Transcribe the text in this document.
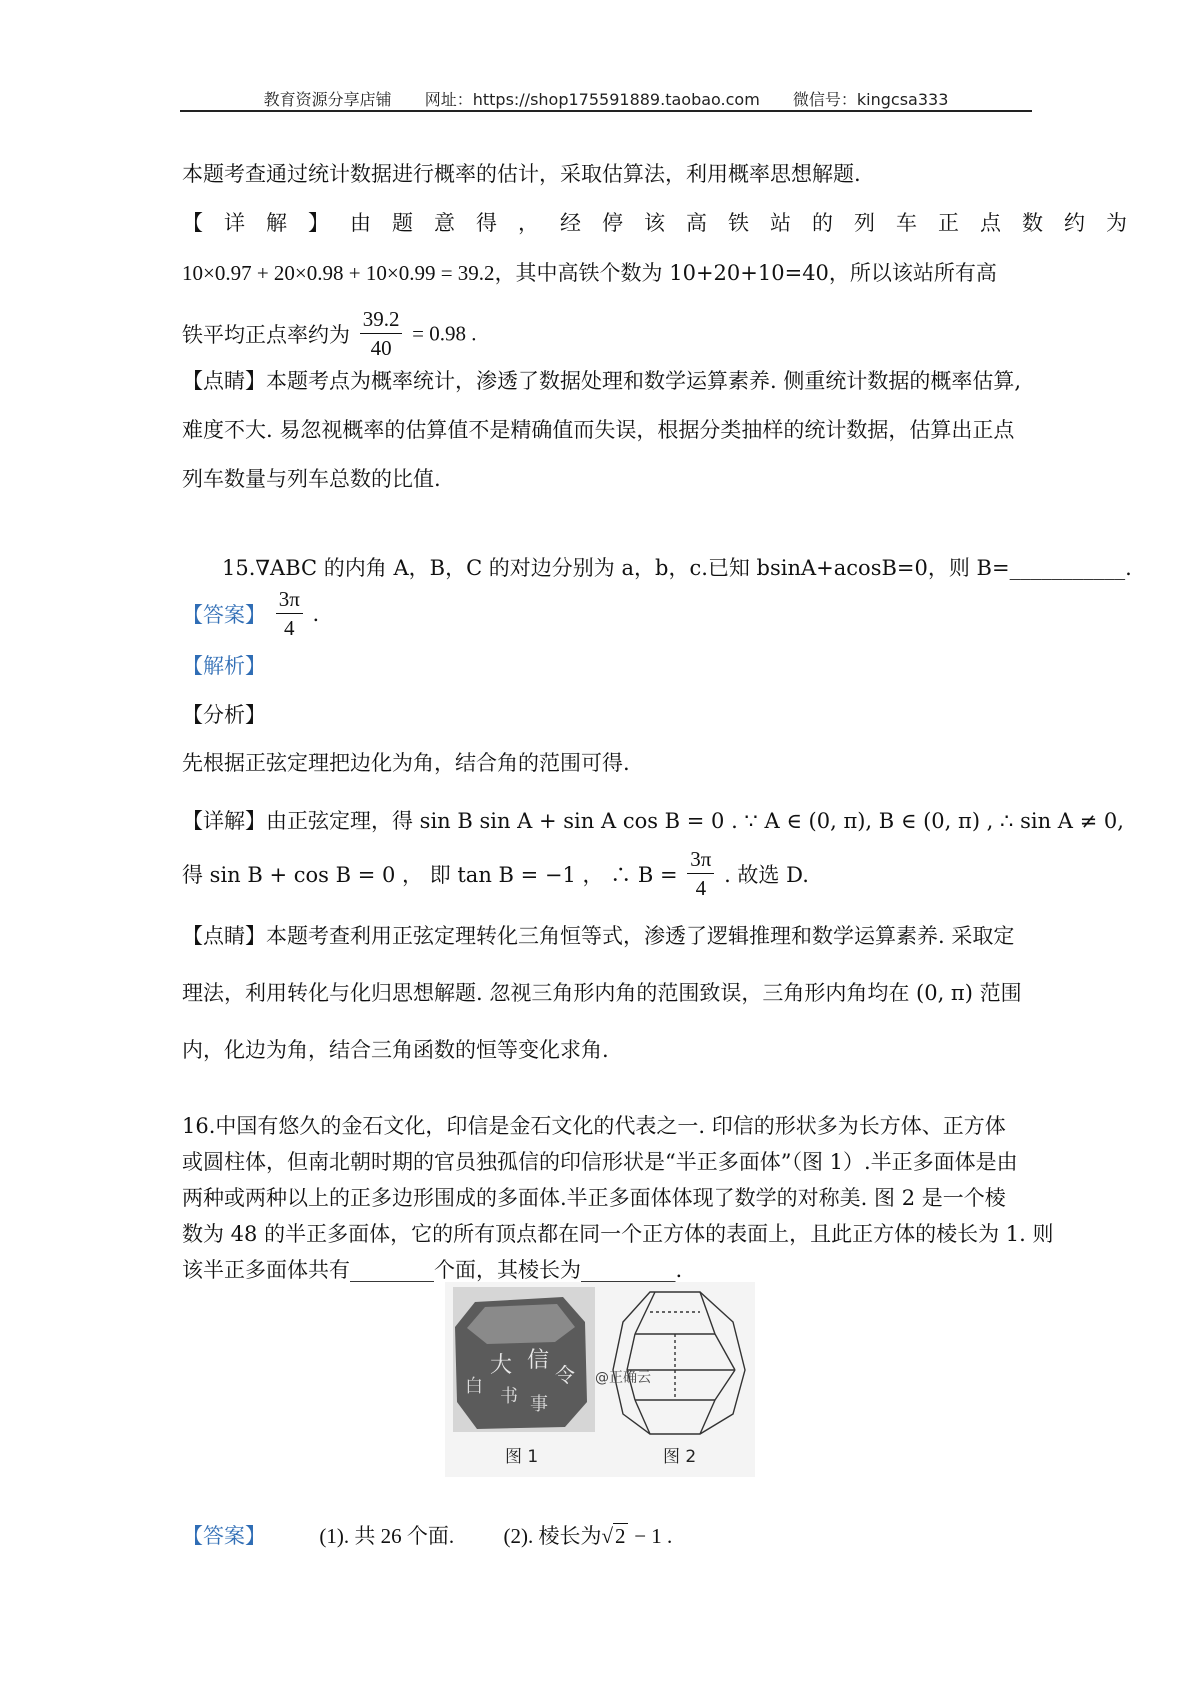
教育资源分享店铺 网址：https://shop175591889.taobao.com 微信号：kingcsa333
本题考查通过统计数据进行概率的估计，采取估算法，利用概率思想解题.
【详解】由题意得，经停该高铁站的列车正点数约为
10×0.97 + 20×0.98 + 10×0.99 = 39.2，其中高铁个数为 10+20+10=40，所以该站所有高
铁平均正点率约为 $\frac{39.2}{40} = 0.98$ .
【点睛】本题考点为概率统计，渗透了数据处理和数学运算素养. 侧重统计数据的概率估算,
难度不大. 易忽视概率的估算值不是精确值而失误，根据分类抽样的统计数据，估算出正点
列车数量与列车总数的比值.
15.∇ABC 的内角 A，B，C 的对边分别为 a，b，c.已知 bsinA+acosB=0，则 B=___________.
【答案】 $\frac{3\pi}{4}$ .
【解析】
【分析】
先根据正弦定理把边化为角，结合角的范围可得.
【详解】由正弦定理，得 sin B sin A + sin A cos B = 0 . ∵ A ∈ (0, π), B ∈ (0, π) , ∴ sin A ≠ 0,
得 sin B + cos B = 0 ， 即 tan B = −1 ， ∴ $B = \frac{3\pi}{4}$ . 故选 D.
【点睛】本题考查利用正弦定理转化三角恒等式，渗透了逻辑推理和数学运算素养. 采取定
理法，利用转化与化归思想解题. 忽视三角形内角的范围致误，三角形内角均在 (0, π) 范围
内，化边为角，结合三角函数的恒等变化求角.
16.中国有悠久的金石文化，印信是金石文化的代表之一. 印信的形状多为长方体、正方体
或圆柱体，但南北朝时期的官员独孤信的印信形状是“半正多面体”（图 1）.半正多面体是由
两种或两种以上的正多边形围成的多面体.半正多面体体现了数学的对称美. 图 2 是一个棱
数为 48 的半正多面体，它的所有顶点都在同一个正方体的表面上，且此正方体的棱长为 1. 则
该半正多面体共有________个面，其棱长为_________.
大 信
令
白 书 事
@正确云
图 1	图 2
【答案】	(1). 共 26 个面. (2). 棱长为√2 − 1 .
